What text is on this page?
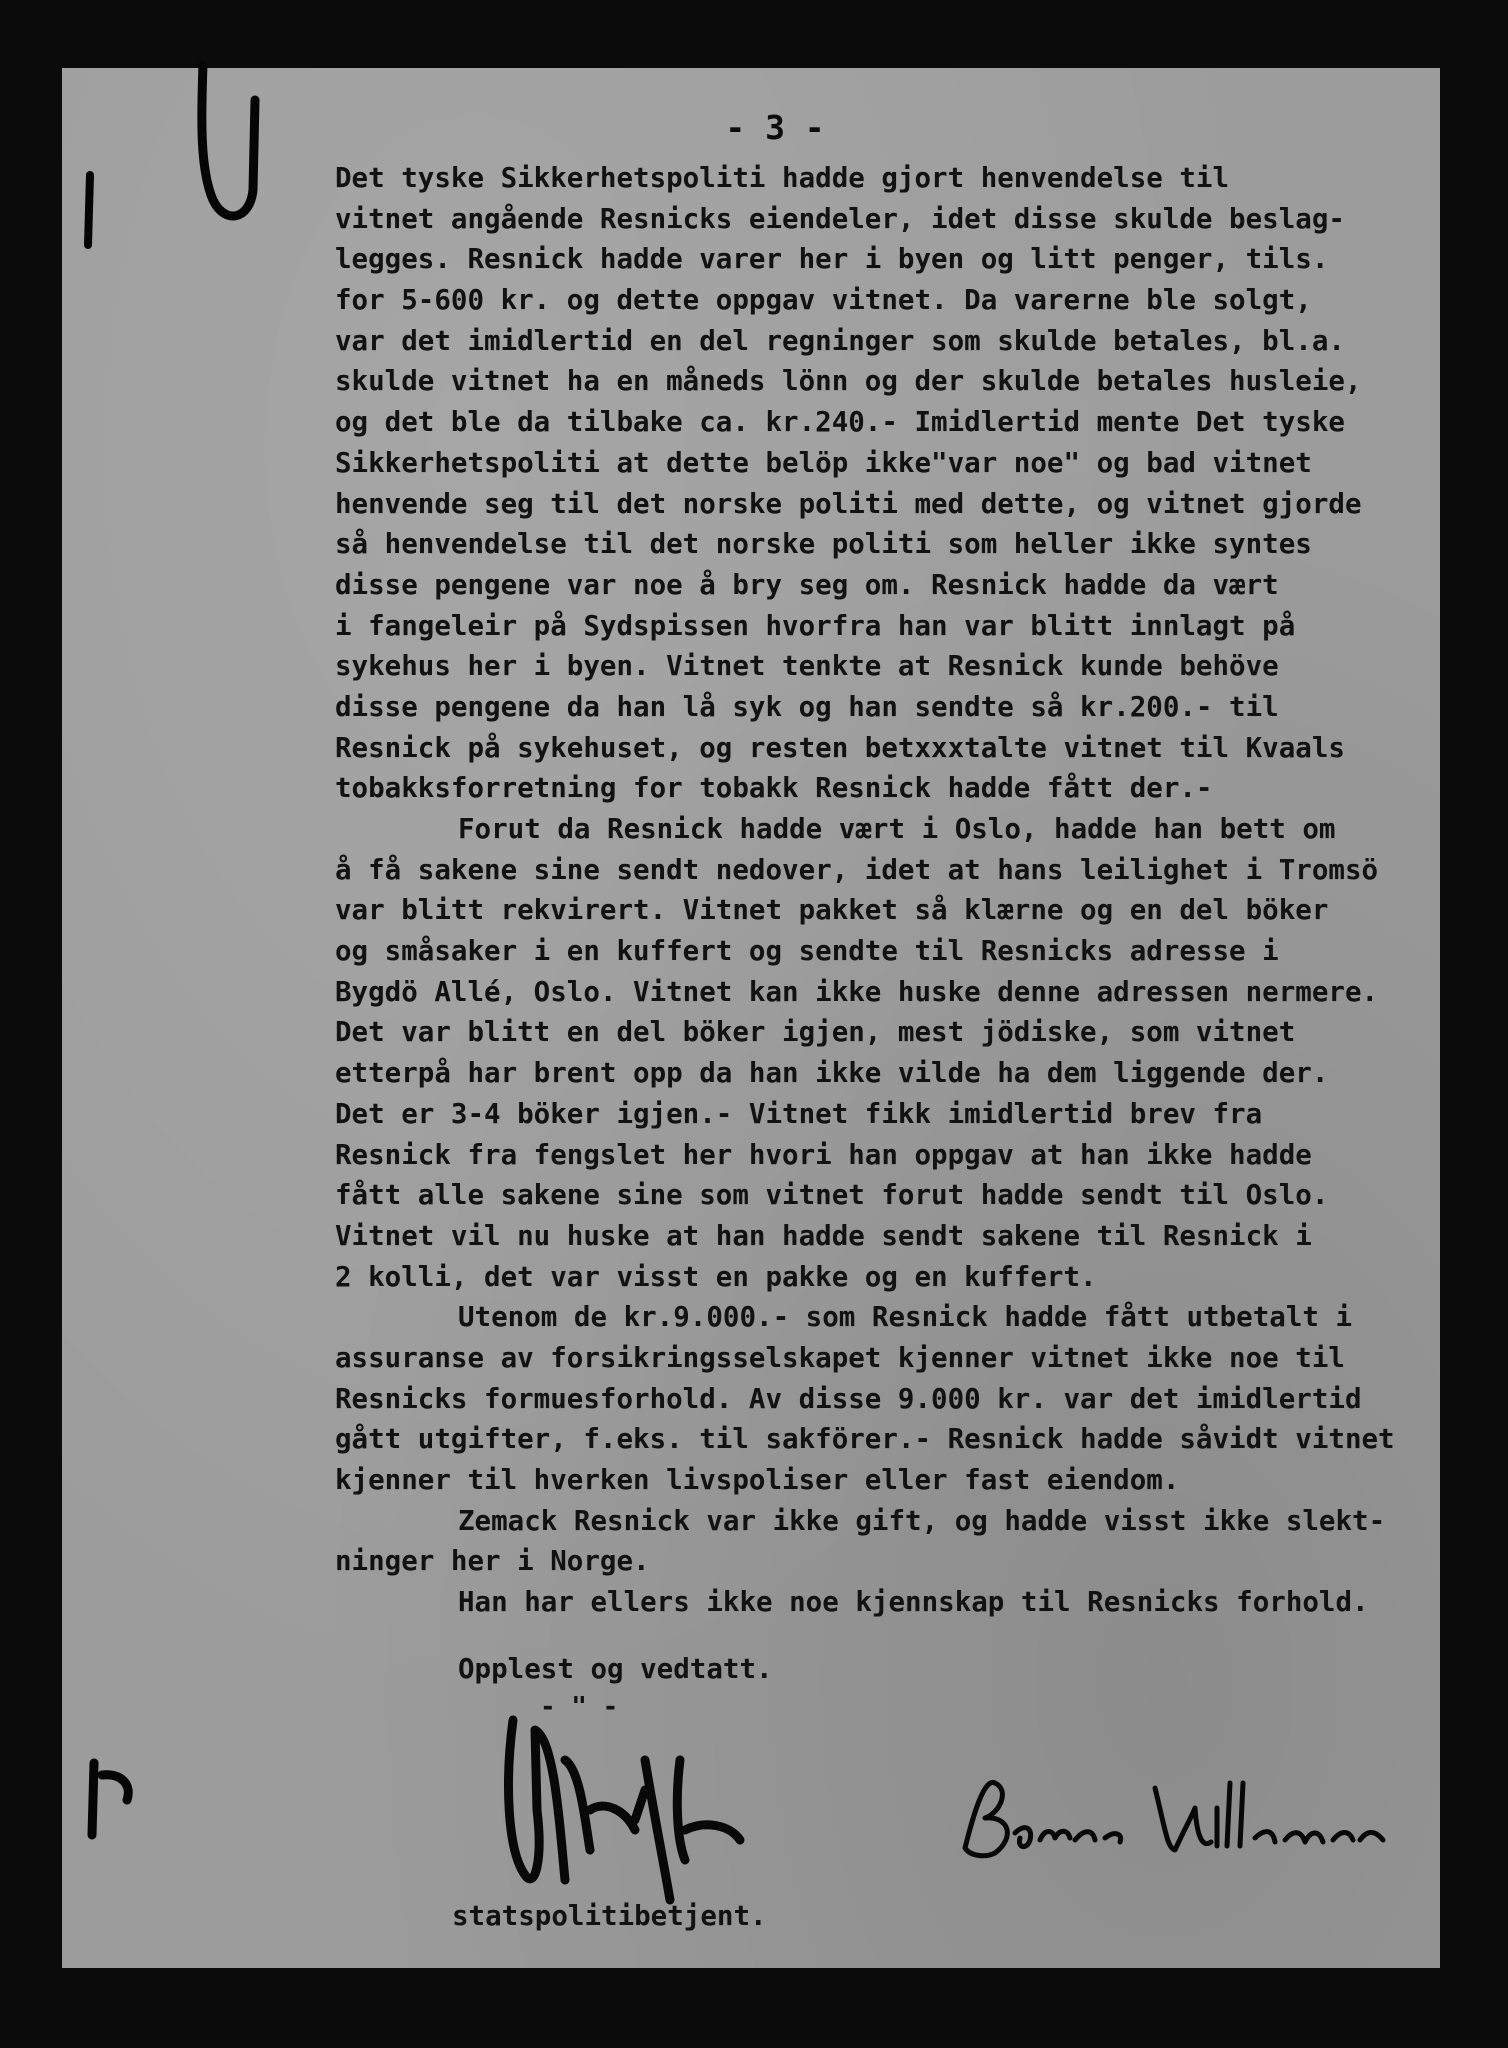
- 3 -
Det tyske Sikkerhetspoliti hadde gjort henvendelse til
vitnet angående Resnicks eiendeler, idet disse skulde beslag-
legges. Resnick hadde varer her i byen og litt penger, tils.
for 5-600 kr. og dette oppgav vitnet. Da varerne ble solgt,
var det imidlertid en del regninger som skulde betales, bl.a.
skulde vitnet ha en måneds lönn og der skulde betales husleie,
og det ble da tilbake ca. kr.240.- Imidlertid mente Det tyske
Sikkerhetspoliti at dette belöp ikke"var noe" og bad vitnet
henvende seg til det norske politi med dette, og vitnet gjorde
så henvendelse til det norske politi som heller ikke syntes
disse pengene var noe å bry seg om. Resnick hadde da vært
i fangeleir på Sydspissen hvorfra han var blitt innlagt på
sykehus her i byen. Vitnet tenkte at Resnick kunde behöve
disse pengene da han lå syk og han sendte så kr.200.- til
Resnick på sykehuset, og resten betxxxtalte vitnet til Kvaals
tobakksforretning for tobakk Resnick hadde fått der.-
Forut da Resnick hadde vært i Oslo, hadde han bett om
å få sakene sine sendt nedover, idet at hans leilighet i Tromsö
var blitt rekvirert. Vitnet pakket så klærne og en del böker
og småsaker i en kuffert og sendte til Resnicks adresse i
Bygdö Allé, Oslo. Vitnet kan ikke huske denne adressen nermere.
Det var blitt en del böker igjen, mest jödiske, som vitnet
etterpå har brent opp da han ikke vilde ha dem liggende der.
Det er 3-4 böker igjen.- Vitnet fikk imidlertid brev fra
Resnick fra fengslet her hvori han oppgav at han ikke hadde
fått alle sakene sine som vitnet forut hadde sendt til Oslo.
Vitnet vil nu huske at han hadde sendt sakene til Resnick i
2 kolli, det var visst en pakke og en kuffert.
Utenom de kr.9.000.- som Resnick hadde fått utbetalt i
assuranse av forsikringsselskapet kjenner vitnet ikke noe til
Resnicks formuesforhold. Av disse 9.000 kr. var det imidlertid
gått utgifter, f.eks. til sakförer.- Resnick hadde såvidt vitnet
kjenner til hverken livspoliser eller fast eiendom.
Zemack Resnick var ikke gift, og hadde visst ikke slekt-
ninger her i Norge.
Han har ellers ikke noe kjennskap til Resnicks forhold.
Opplest og vedtatt.
- " -
statspolitibetjent.
